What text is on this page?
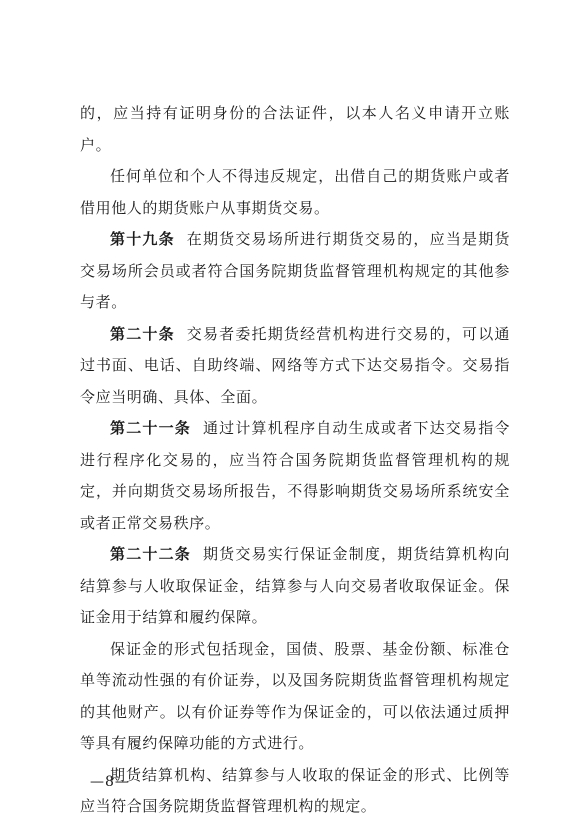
的，应当持有证明身份的合法证件，以本人名义申请开立账户。

任何单位和个人不得违反规定，出借自己的期货账户或者借用他人的期货账户从事期货交易。

第十九条 在期货交易场所进行期货交易的，应当是期货交易场所会员或者符合国务院期货监督管理机构规定的其他参与者。

第二十条 交易者委托期货经营机构进行交易的，可以通过书面、电话、自助终端、网络等方式下达交易指令。交易指令应当明确、具体、全面。

第二十一条 通过计算机程序自动生成或者下达交易指令进行程序化交易的，应当符合国务院期货监督管理机构的规定，并向期货交易场所报告，不得影响期货交易场所系统安全或者正常交易秩序。

第二十二条 期货交易实行保证金制度，期货结算机构向结算参与人收取保证金，结算参与人向交易者收取保证金。保证金用于结算和履约保障。

保证金的形式包括现金，国债、股票、基金份额、标准仓单等流动性强的有价证券，以及国务院期货监督管理机构规定的其他财产。以有价证券等作为保证金的，可以依法通过质押等具有履约保障功能的方式进行。

期货结算机构、结算参与人收取的保证金的形式、比例等应当符合国务院期货监督管理机构的规定。

—8—
